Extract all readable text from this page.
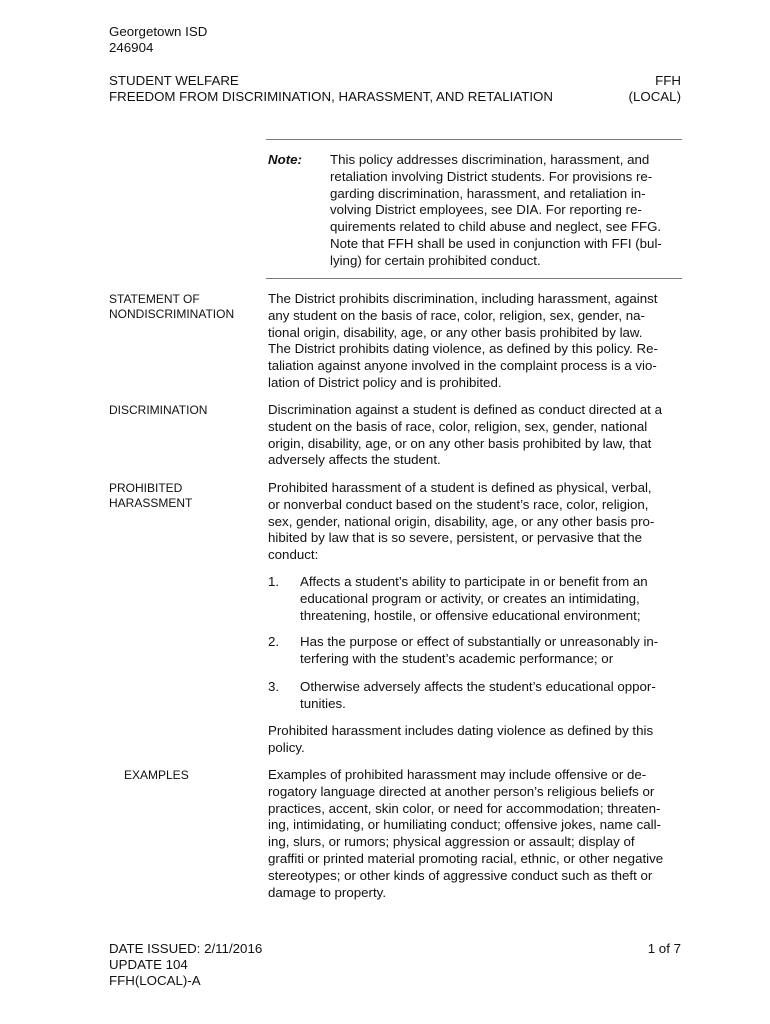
Georgetown ISD
246904
STUDENT WELFARE
FREEDOM FROM DISCRIMINATION, HARASSMENT, AND RETALIATION
FFH
(LOCAL)
Note: This policy addresses discrimination, harassment, and
retaliation involving District students. For provisions re-
garding discrimination, harassment, and retaliation in-
volving District employees, see DIA. For reporting re-
quirements related to child abuse and neglect, see FFG.
Note that FFH shall be used in conjunction with FFI (bul-
lying) for certain prohibited conduct.
STATEMENT OF
NONDISCRIMINATION
The District prohibits discrimination, including harassment, against
any student on the basis of race, color, religion, sex, gender, na-
tional origin, disability, age, or any other basis prohibited by law.
The District prohibits dating violence, as defined by this policy. Re-
taliation against anyone involved in the complaint process is a vio-
lation of District policy and is prohibited.
DISCRIMINATION	Discrimination against a student is defined as conduct directed at a
student on the basis of race, color, religion, sex, gender, national
origin, disability, age, or on any other basis prohibited by law, that
adversely affects the student.
PROHIBITED
HARASSMENT
Prohibited harassment of a student is defined as physical, verbal,
or nonverbal conduct based on the student’s race, color, religion,
sex, gender, national origin, disability, age, or any other basis pro-
hibited by law that is so severe, persistent, or pervasive that the
conduct:
1. Affects a student’s ability to participate in or benefit from an
educational program or activity, or creates an intimidating,
threatening, hostile, or offensive educational environment;
2. Has the purpose or effect of substantially or unreasonably in-
terfering with the student’s academic performance; or
3. Otherwise adversely affects the student’s educational oppor-
tunities.
Prohibited harassment includes dating violence as defined by this
policy.
EXAMPLES	Examples of prohibited harassment may include offensive or de-
rogatory language directed at another person’s religious beliefs or
practices, accent, skin color, or need for accommodation; threaten-
ing, intimidating, or humiliating conduct; offensive jokes, name call-
ing, slurs, or rumors; physical aggression or assault; display of
graffiti or printed material promoting racial, ethnic, or other negative
stereotypes; or other kinds of aggressive conduct such as theft or
damage to property.
DATE ISSUED: 2/11/2016
UPDATE 104
FFH(LOCAL)-A
1 of 7
